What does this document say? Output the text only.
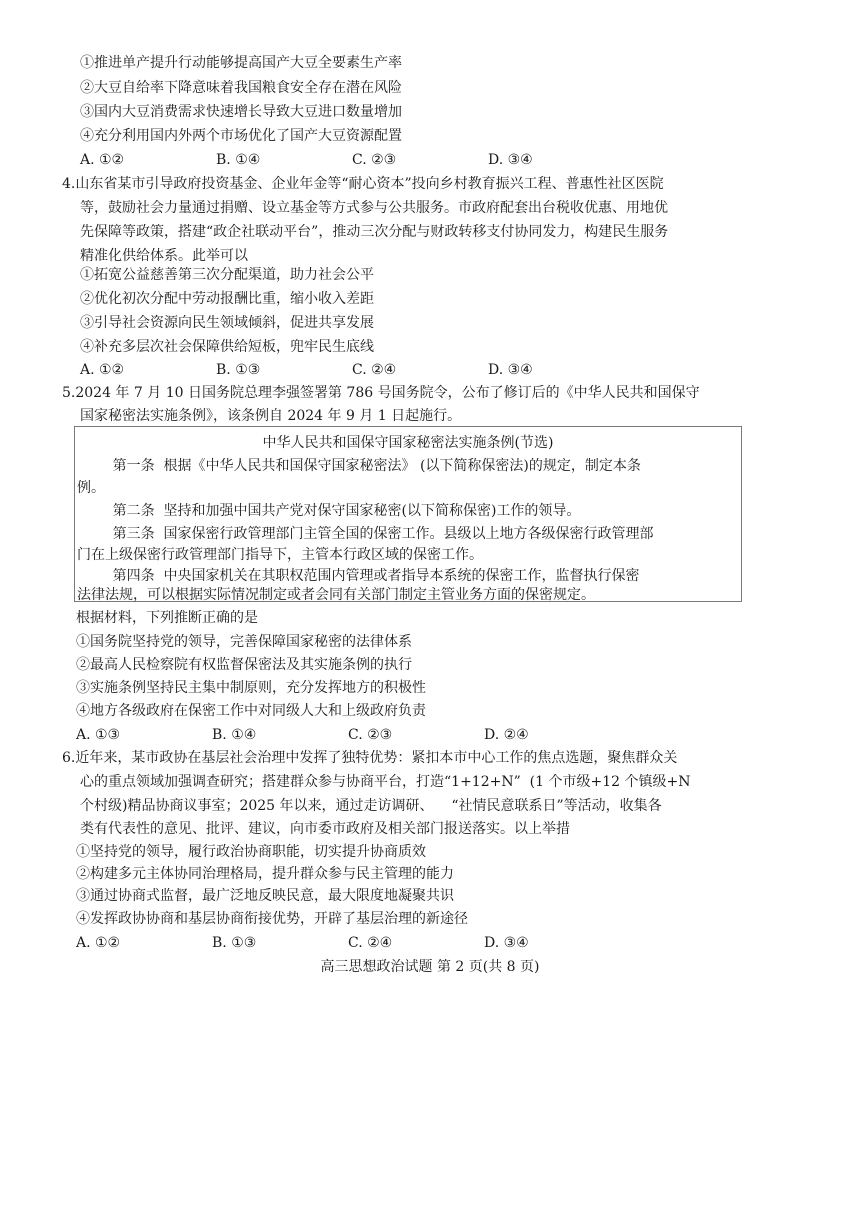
①推进单产提升行动能够提高国产大豆全要素生产率
②大豆自给率下降意味着我国粮食安全存在潜在风险
③国内大豆消费需求快速增长导致大豆进口数量增加
④充分利用国内外两个市场优化了国产大豆资源配置
A. ①②	B. ①④	C. ②③	D. ③④
4.山东省某市引导政府投资基金、企业年金等“耐心资本”投向乡村教育振兴工程、普惠性社区医院
等，鼓励社会力量通过捐赠、设立基金等方式参与公共服务。市政府配套出台税收优惠、用地优
先保障等政策，搭建“政企社联动平台”，推动三次分配与财政转移支付协同发力，构建民生服务
精准化供给体系。此举可以
①拓宽公益慈善第三次分配渠道，助力社会公平
②优化初次分配中劳动报酬比重，缩小收入差距
③引导社会资源向民生领域倾斜，促进共享发展
④补充多层次社会保障供给短板，兜牢民生底线
A. ①②	B. ①③	C. ②④	D. ③④
5.2024 年 7 月 10 日国务院总理李强签署第 786 号国务院令，公布了修订后的《中华人民共和国保守
国家秘密法实施条例》，该条例自 2024 年 9 月 1 日起施行。
中华人民共和国保守国家秘密法实施条例(节选)
第一条  根据《中华人民共和国保守国家秘密法》 (以下简称保密法)的规定，制定本条
例。
第二条  坚持和加强中国共产党对保守国家秘密(以下简称保密)工作的领导。
第三条  国家保密行政管理部门主管全国的保密工作。县级以上地方各级保密行政管理部
门在上级保密行政管理部门指导下，主管本行政区域的保密工作。
第四条  中央国家机关在其职权范围内管理或者指导本系统的保密工作，监督执行保密
法律法规，可以根据实际情况制定或者会同有关部门制定主管业务方面的保密规定。
根据材料，下列推断正确的是
①国务院坚持党的领导，完善保障国家秘密的法律体系
②最高人民检察院有权监督保密法及其实施条例的执行
③实施条例坚持民主集中制原则，充分发挥地方的积极性
④地方各级政府在保密工作中对同级人大和上级政府负责
A. ①③	B. ①④	C. ②③	D. ②④
6.近年来，某市政协在基层社会治理中发挥了独特优势：紧扣本市中心工作的焦点选题，聚焦群众关
心的重点领域加强调查研究；搭建群众参与协商平台，打造“1+12+N”  (1 个市级+12 个镇级+N
个村级)精品协商议事室；2025 年以来，通过走访调研、    “社情民意联系日”等活动，收集各
类有代表性的意见、批评、建议，向市委市政府及相关部门报送落实。以上举措
①坚持党的领导，履行政治协商职能，切实提升协商质效
②构建多元主体协同治理格局，提升群众参与民主管理的能力
③通过协商式监督，最广泛地反映民意，最大限度地凝聚共识
④发挥政协协商和基层协商衔接优势，开辟了基层治理的新途径
A. ①②	B. ①③	C. ②④	D. ③④
高三思想政治试题 第 2 页(共 8 页)
